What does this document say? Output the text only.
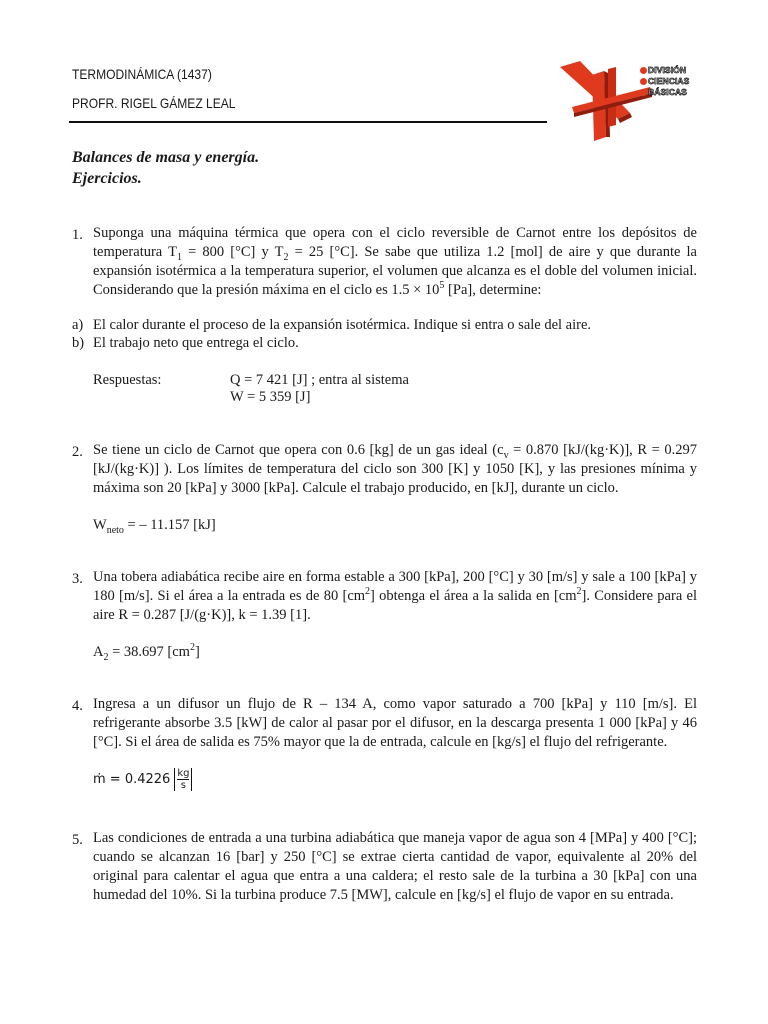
TERMODINÁMICA (1437)
PROFR. RIGEL GÁMEZ LEAL
DIVISIÓN
CIENCIAS
BÁSICAS
Balances de masa y energía.
Ejercicios.
1. Suponga una máquina térmica que opera con el ciclo reversible de Carnot entre los depósitos de temperatura $T_1 = 800$ [°C] y $T_2 = 25$ [°C]. Se sabe que utiliza 1.2 [mol] de aire y que durante la expansión isotérmica a la temperatura superior, el volumen que alcanza es el doble del volumen inicial. Considerando que la presión máxima en el ciclo es $1.5 \times 10^5$ [Pa], determine:
a) El calor durante el proceso de la expansión isotérmica. Indique si entra o sale del aire.
b) El trabajo neto que entrega el ciclo.
Respuestas:	Q = 7 421 [J] ; entra al sistema
W = 5 359 [J]
2. Se tiene un ciclo de Carnot que opera con 0.6 [kg] de un gas ideal ($c_v = 0.870$ [kJ/(kg·K)], R = 0.297 [kJ/(kg·K)] ). Los límites de temperatura del ciclo son 300 [K] y 1050 [K], y las presiones mínima y máxima son 20 [kPa] y 3000 [kPa]. Calcule el trabajo producido, en [kJ], durante un ciclo.
$W_{neto}$ = – 11.157 [kJ]
3. Una tobera adiabática recibe aire en forma estable a 300 [kPa], 200 [°C] y 30 [m/s] y sale a 100 [kPa] y 180 [m/s]. Si el área a la entrada es de 80 $[cm^2]$ obtenga el área a la salida en $[cm^2]$. Considere para el aire R = 0.287 [J/(g·K)], k = 1.39 [1].
$A_2 = 38.697$ $[cm^2]$
4. Ingresa a un difusor un flujo de R – 134 A, como vapor saturado a 700 [kPa] y 110 [m/s]. El refrigerante absorbe 3.5 [kW] de calor al pasar por el difusor, en la descarga presenta 1 000 [kPa] y 46 [°C]. Si el área de salida es 75% mayor que la de entrada, calcule en [kg/s] el flujo del refrigerante.
ṁ = $0.4226 \frac{kg}{s}$
5. Las condiciones de entrada a una turbina adiabática que maneja vapor de agua son 4 [MPa] y 400 [°C]; cuando se alcanzan 16 [bar] y 250 [°C] se extrae cierta cantidad de vapor, equivalente al 20% del original para calentar el agua que entra a una caldera; el resto sale de la turbina a 30 [kPa] con una humedad del 10%. Si la turbina produce 7.5 [MW], calcule en [kg/s] el flujo de vapor en su entrada.
